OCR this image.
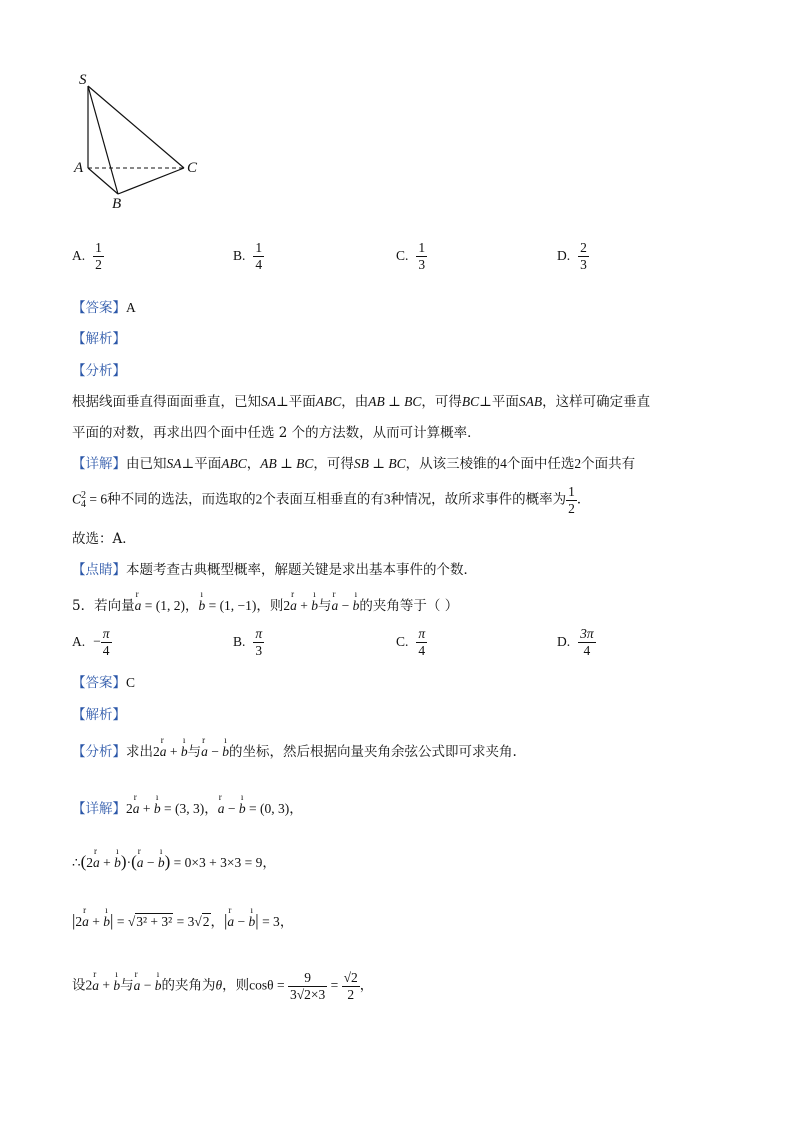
S
A
B
C
A. $\frac{1}{2}$	B. $\frac{1}{4}$	C. $\frac{1}{3}$	D. $\frac{2}{3}$
【答案】A
【解析】
【分析】
根据线面垂直得面面垂直，已知SA⊥平面ABC，由AB ⊥ BC，可得BC⊥平面SAB，这样可确定垂直
平面的对数，再求出四个面中任选 2 个的方法数，从而可计算概率．
【详解】由已知SA⊥平面ABC，AB ⊥ BC，可得SB ⊥ BC，从该三棱锥的4个面中任选2个面共有
$C_4^2 = 6$种不同的选法，而选取的2个表面互相垂直的有3种情况，故所求事件的概率为 $\frac{1}{2}$ ．
故选：A．
【点睛】本题考查古典概型概率，解题关键是求出基本事件的个数．
5．若向量r a = (1, 2)，ı b = (1, −1)，则2r a + ı b与r a − ı b的夹角等于（ ）
A. − $\frac{\pi}{4}$	B. $\frac{\pi}{3}$	C. $\frac{\pi}{4}$	D. $\frac{3\pi}{4}$
【答案】C
【解析】
【分析】求出2r a + ı b与r a − ı b的坐标，然后根据向量夹角余弦公式即可求夹角.
【详解】2r a + ı b = (3, 3)，r a − ı b = (0, 3)，
∴(2r a + ı b)·(r a − ı b) = 0×3 + 3×3 = 9，
|2r a + ı b| = √3² + 3² = 3√2，|r a − ı b| = 3，
设2r a + ı b与r a − ı b的夹角为θ，则$\cos\theta = \frac{9}{3√2\times 3} = \frac{√2}{2}$ ，
